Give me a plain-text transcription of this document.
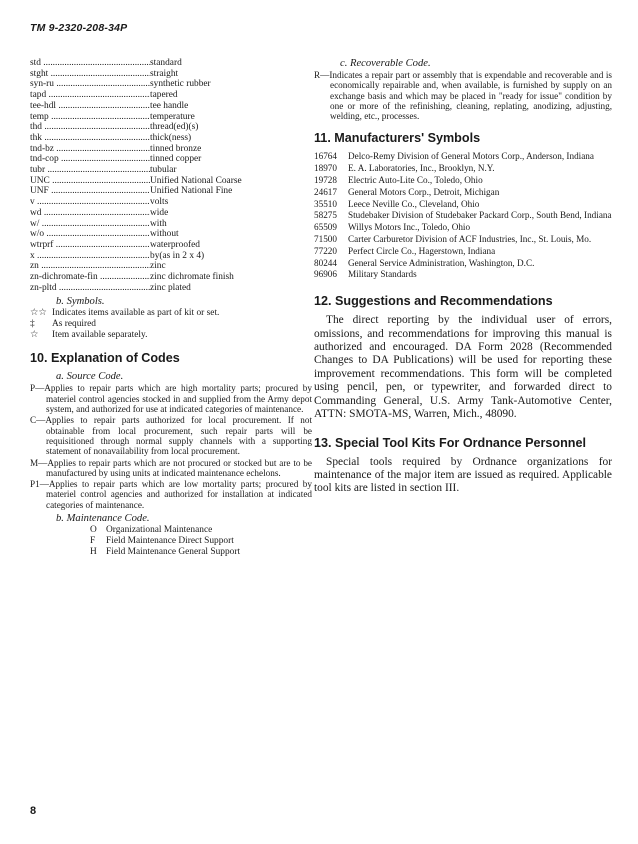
TM 9-2320-208-34P
std .....	standard
stght .....	straight
syn-ru .....	synthetic rubber
tapd .....	tapered
tee-hdl .....	tee handle
temp .....	temperature
thd .....	thread(ed)(s)
thk .....	thick(ness)
tnd-bz .....	tinned bronze
tnd-cop .....	tinned copper
tubr .....	tubular
UNC .....	Unified National Coarse
UNF .....	Unified National Fine
v .....	volts
wd .....	wide
w/ .....	with
w/o .....	without
wtrprf .....	waterproofed
x .....	by(as in 2 x 4)
zn .....	zinc
zn-dichromate-fin .....	zinc dichromate finish
zn-pltd .....	zinc plated
b. Symbols.
☆☆ Indicates items available as part of kit or set.
‡	As required
☆	Item available separately.
10. Explanation of Codes
a. Source Code.
P—Applies to repair parts which are high mortality parts; procured by materiel control agencies stocked in and supplied from the Army depot system, and authorized for use at indicated categories of maintenance.
C—Applies to repair parts authorized for local procurement. If not obtainable from local procurement, such repair parts will be requisitioned through normal supply channels with a supporting statement of nonavailability from local procurement.
M—Applies to repair parts which are not procured or stocked but are to be manufactured by using units at indicated maintenance echelons.
P1—Applies to repair parts which are low mortality parts; procured by materiel control agencies and authorized for installation at indicated categories of maintenance.
b. Maintenance Code.
O Organizational Maintenance
F	Field Maintenance Direct Support
H Field Maintenance General Support
c. Recoverable Code.
R—Indicates a repair part or assembly that is expendable and recoverable and is economically repairable and, when available, is furnished by supply on an exchange basis and which may be placed in "ready for issue" condition by one or more of the refinishing, cleaning, replating, anodizing, adjusting, welding, etc., processes.
11. Manufacturers' Symbols
16764	Delco-Remy Division of General Motors Corp., Anderson, Indiana
18970	E. A. Laboratories, Inc., Brooklyn, N.Y.
19728	Electric Auto-Lite Co., Toledo, Ohio
24617	General Motors Corp., Detroit, Michigan
35510	Leece Neville Co., Cleveland, Ohio
58275	Studebaker Division of Studebaker Packard Corp., South Bend, Indiana
65509	Willys Motors Inc., Toledo, Ohio
71500	Carter Carburetor Division of ACF Industries, Inc., St. Louis, Mo.
77220	Perfect Circle Co., Hagerstown, Indiana
80244	General Service Administration, Washington, D.C.
96906	Military Standards
12. Suggestions and Recommendations

The direct reporting by the individual user of errors, omissions, and recommendations for improving this manual is authorized and encouraged. DA Form 2028 (Recommended Changes to DA Publications) will be used for reporting these improvement recommendations. This form will be completed using pencil, pen, or typewriter, and forwarded direct to Commanding General, U.S. Army Tank-Automotive Center, ATTN: SMOTA-MS, Warren, Mich., 48090.

13. Special Tool Kits For Ordnance Personnel

Special tools required by Ordnance organizations for maintenance of the major item are issued as required. Applicable tool kits are listed in section III.

8
